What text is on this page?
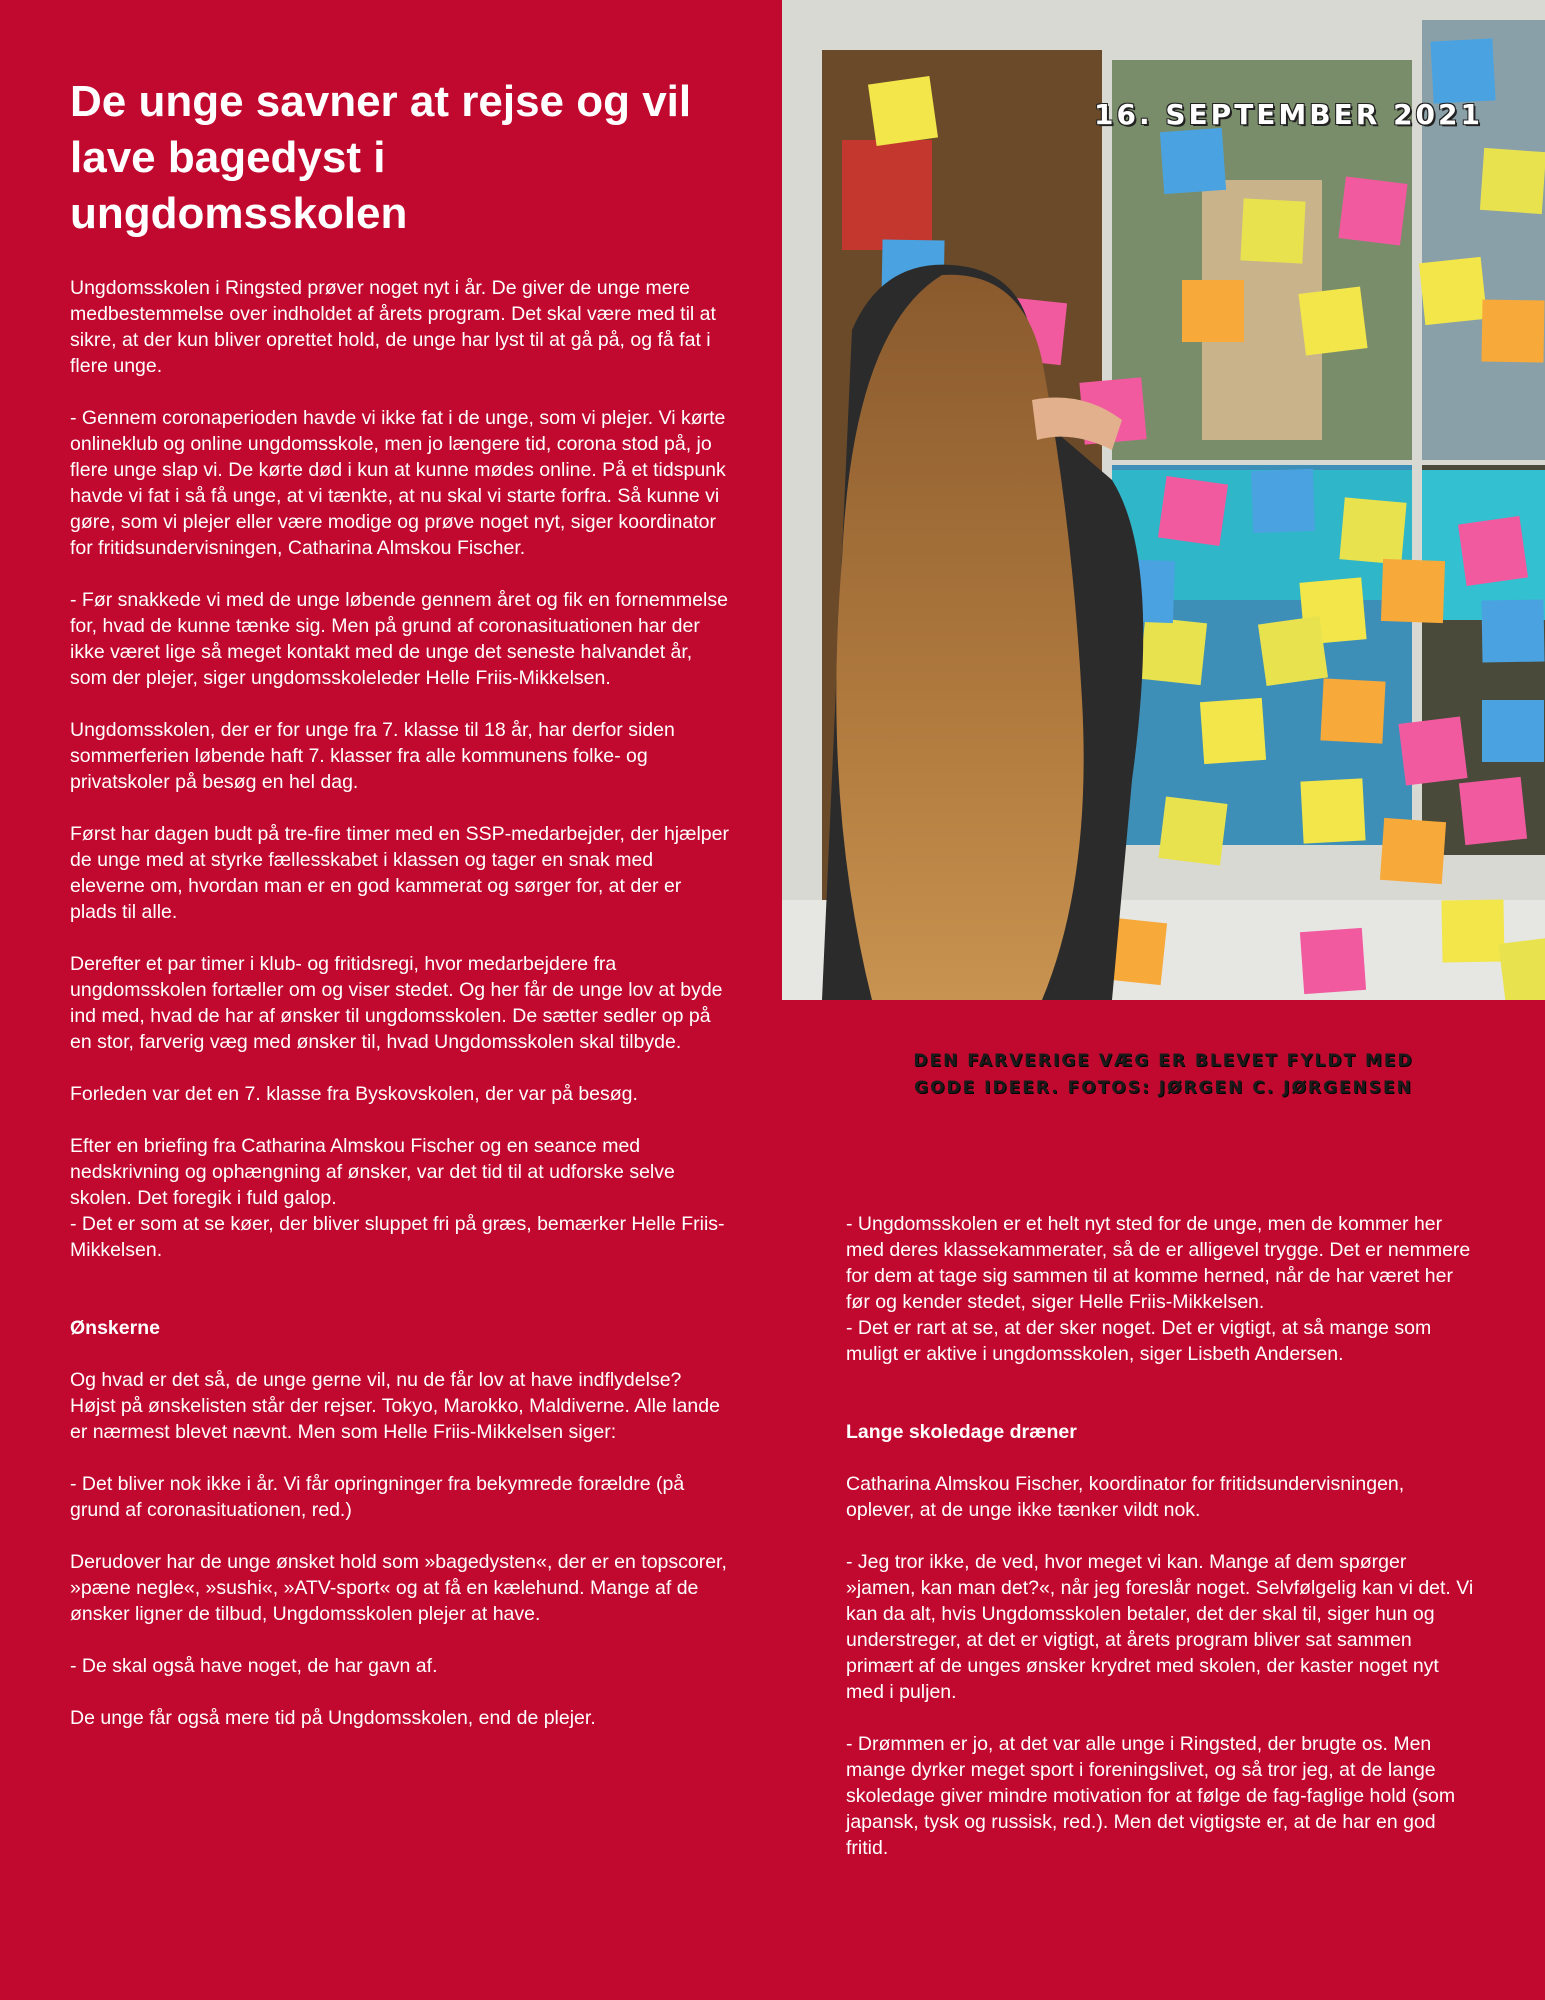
De unge savner at rejse og vil lave bagedyst i ungdomsskolen

Ungdomsskolen i Ringsted prøver noget nyt i år. De giver de unge mere medbestemmelse over indholdet af årets program. Det skal være med til at sikre, at der kun bliver oprettet hold, de unge har lyst til at gå på, og få fat i flere unge.

- Gennem coronaperioden havde vi ikke fat i de unge, som vi plejer. Vi kørte onlineklub og online ungdomsskole, men jo længere tid, corona stod på, jo flere unge slap vi. De kørte død i kun at kunne mødes online. På et tidspunk havde vi fat i så få unge, at vi tænkte, at nu skal vi starte forfra. Så kunne vi gøre, som vi plejer eller være modige og prøve noget nyt, siger koordinator for fritidsundervisningen, Catharina Almskou Fischer.

- Før snakkede vi med de unge løbende gennem året og fik en fornemmelse for, hvad de kunne tænke sig. Men på grund af coronasituationen har der ikke været lige så meget kontakt med de unge det seneste halvandet år, som der plejer, siger ungdomsskoleleder Helle Friis-Mikkelsen.

Ungdomsskolen, der er for unge fra 7. klasse til 18 år, har derfor siden sommerferien løbende haft 7. klasser fra alle kommunens folke- og privatskoler på besøg en hel dag.

Først har dagen budt på tre-fire timer med en SSP-medarbejder, der hjælper de unge med at styrke fællesskabet i klassen og tager en snak med eleverne om, hvordan man er en god kammerat og sørger for, at der er plads til alle.

Derefter et par timer i klub- og fritidsregi, hvor medarbejdere fra ungdomsskolen fortæller om og viser stedet. Og her får de unge lov at byde ind med, hvad de har af ønsker til ungdomsskolen. De sætter sedler op på en stor, farverig væg med ønsker til, hvad Ungdomsskolen skal tilbyde.

Forleden var det en 7. klasse fra Byskovskolen, der var på besøg.

Efter en briefing fra Catharina Almskou Fischer og en seance med nedskrivning og ophængning af ønsker, var det tid til at udforske selve skolen. Det foregik i fuld galop.
- Det er som at se køer, der bliver sluppet fri på græs, bemærker Helle Friis-Mikkelsen.

Ønskerne

Og hvad er det så, de unge gerne vil, nu de får lov at have indflydelse? Højst på ønskelisten står der rejser. Tokyo, Marokko, Maldiverne. Alle lande er nærmest blevet nævnt. Men som Helle Friis-Mikkelsen siger:

- Det bliver nok ikke i år. Vi får opringninger fra bekymrede forældre (på grund af coronasituationen, red.)

Derudover har de unge ønsket hold som »bagedysten«, der er en topscorer, »pæne negle«, »sushi«, »ATV-sport« og at få en kælehund. Mange af de ønsker ligner de tilbud, Ungdomsskolen plejer at have.

- De skal også have noget, de har gavn af.

De unge får også mere tid på Ungdomsskolen, end de plejer.

16. SEPTEMBER 2021
DEN FARVERIGE VÆG ER BLEVET FYLDT MED
GODE IDEER. FOTOS: JØRGEN C. JØRGENSEN

- Ungdomsskolen er et helt nyt sted for de unge, men de kommer her med deres klassekammerater, så de er alligevel trygge. Det er nemmere for dem at tage sig sammen til at komme herned, når de har været her før og kender stedet, siger Helle Friis-Mikkelsen.
- Det er rart at se, at der sker noget. Det er vigtigt, at så mange som muligt er aktive i ungdomsskolen, siger Lisbeth Andersen.

Lange skoledage dræner

Catharina Almskou Fischer, koordinator for fritidsundervisningen, oplever, at de unge ikke tænker vildt nok.

- Jeg tror ikke, de ved, hvor meget vi kan. Mange af dem spørger »jamen, kan man det?«, når jeg foreslår noget. Selvfølgelig kan vi det. Vi kan da alt, hvis Ungdomsskolen betaler, det der skal til, siger hun og understreger, at det er vigtigt, at årets program bliver sat sammen primært af de unges ønsker krydret med skolen, der kaster noget nyt med i puljen.

- Drømmen er jo, at det var alle unge i Ringsted, der brugte os. Men mange dyrker meget sport i foreningslivet, og så tror jeg, at de lange skoledage giver mindre motivation for at følge de fag-faglige hold (som japansk, tysk og russisk, red.). Men det vigtigste er, at de har en god fritid.
